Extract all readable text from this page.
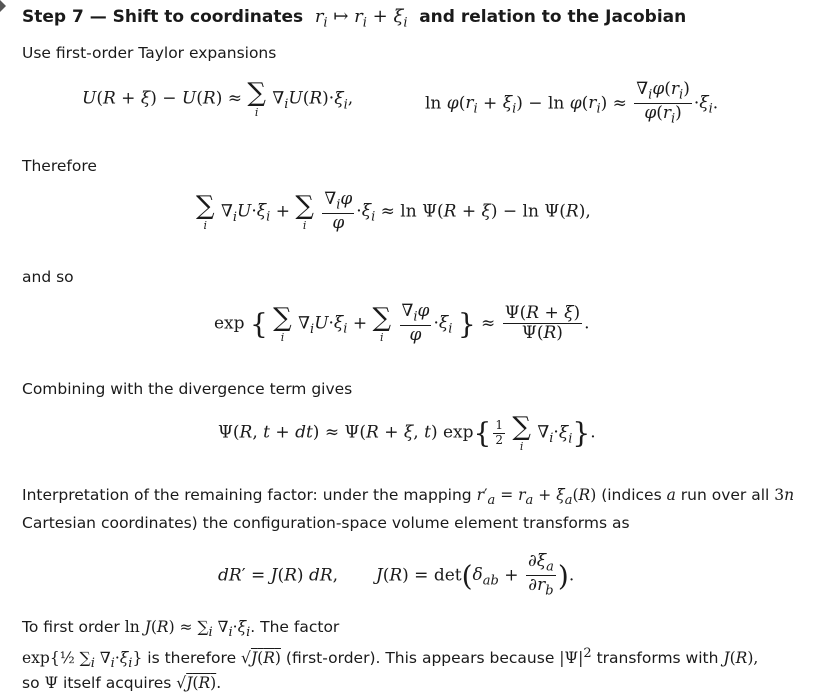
Step 7 — Shift to coordinates $r_i$ ↦ $r_i + \xi_i$ and relation to the Jacobian
Use first-order Taylor expansions
U(R + ξ) − U(R) ≈ ∑
i
$\nabla_iU(R)\cdot\xi_i$,	$\ln \varphi(r_i + \xi_i) - \ln \varphi(r_i) \approx \frac{\nabla_i\varphi(r_i)}{\varphi(r_i)} \cdot\xi_i$.
Therefore
∑
i
$\nabla_iU\cdot\xi_i$ + ∑
i
$\frac{\nabla_i\varphi}{\varphi} \cdot\xi_i \approx \ln \Psi(R + \xi) - \ln \Psi(R)$,
and so
exp { ∑
i
$\nabla_iU\cdot\xi_i$ + ∑
i
$\frac{\nabla_i\varphi}{\varphi} \cdot\xi_i$ } ≈ $\frac{\Psi(R + \xi)}{\Psi(R)}$ .
Combining with the divergence term gives
Ψ(R, t + dt) ≈ Ψ(R + ξ, t) $\exp\{ \frac{1}{2}$
∑
i
$\nabla_i\cdot\xi_i$}.
Interpretation of the remaining factor: under the mapping $r'_a = r_a + \xi_a(R)$ (indices a run over all 3n
Cartesian coordinates) the configuration-space volume element transforms as
dR′ = J(R) dR,       $J(R) = \det(\delta_{ab} + \frac{\partial\xi_a}{\partial r_b}$ ).
To first order $\ln J(R) \approx \sum_i$ $\nabla_i\cdot\xi_i$. The factor
exp{½ $\sum_i$ $\nabla_i\cdot\xi_i$} is therefore √J(R) (first-order). This appears because $|\Psi|^2$ transforms with J(R),
so Ψ itself acquires √J(R).
